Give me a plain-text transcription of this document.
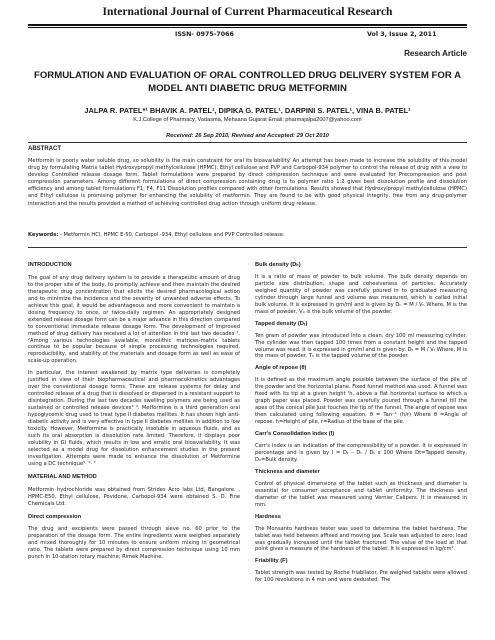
International Journal of Current Pharmaceutical Research
ISSN- 0975-7066	Vol 3, Issue 2, 2011
Research Article
FORMULATION AND EVALUATION OF ORAL CONTROLLED DRUG DELIVERY SYSTEM FOR A
MODEL ANTI DIABETIC DRUG METFORMIN
JALPA R. PATEL*¹ BHAVIK A. PATEL¹, DIPIKA G. PATEL¹, DARPINI S. PATEL¹, VINA B. PATEL¹
K.J.College of Pharmacy, Vadasma, Mehsana Gujarat Email: pharmajalpa2007@yahoo.com
Received: 26 Sep 2010, Revised and Accepted: 29 Oct 2010
ABSTRACT
Metformin is poorly water soluble drug, so solubility is the main constraint for oral its bioavailability. An attempt has been made to increase the solubility of this model drug by formulating Matrix tablet Hydroxypropyl methylcellulose (HPMC), Ethyl cellulose and PVP and Carbopol-934 polymer to control the release of drug with a view to develop Controlled release dosage form. Tablet formulations were prepared by direct compression technique and were evaluated for Precompression and post compression parameters. Among different formulations of direct compression containing drug is to polymer ratio 1:2 gives best dissolution profile and dissolution efficiency and among tablet formulations F1, F4, F11 Dissolution profiles compared with other formulations. Results showed that Hydroxylpropyl methylcellulose (HPMC) and Ethyl cellulose is promising polymer for enhancing the solubility of metformin. They are found to be with good physical integrity, free from any drug-polymer interaction and the results provided a method of achieving controlled drug action through uniform drug release.
Keywords: - Metformin HCl, HPMC E-50, Carbopol -934, Ethyl cellulose and PVP Controlled release.
INTRODUCTION

The goal of any drug delivery system is to provide a therapeutic amount of drug to the proper site of the body, to promptly achieve and then maintain the desired therapeutic drug concentration that elicits the desired pharmacological action and to minimize the incidence and the severity of unwanted adverse effects. To achieve this goal, it would be advantageous and more convenient to maintain a dosing frequency to once, or twice-daily regimen. An appropriately designed extended release dosage form can be a major advance in this direction compared to conventional immediate release dosage form. The development of improved method of drug delivery has received a lot of attention in the last two decades ¹. ²Among various technologies available, monolithic matrices-matrix tablets continue to be popular because of simple processing technologies required, reproducibility, and stability of the materials and dosage form as well as ease of scale-up operation.

In particular, the interest awakened by matrix type deliveries is completely justified in view of their biopharmaceutical and pharmacokinetics advantages over the conventional dosage forms. These are release systems for delay and controlled release of a drug that is dissolved or dispersed in a resistant support to disintegration. During the last two decades swelling polymers are being used as sustained or controlled release devices³ ⁴. Metformine is a third generation oral hypoglycemic drug used to treat type II diabetes mellites. It has shown high anti-diabetic activity and is very effective in type II diabetes mellites in addition to low toxicity. However, Metformine is practically insoluble in aqueous fluids, and as such its oral absorption is dissolution rate limited. Therefore, it displays poor solubility in GI fluids, which results in low and erratic oral bioavailability. It was selected as a model drug for dissolution enhancement studies in the present investigation. Attempts were made to enhance the dissolution of Metformine using a DC technique⁵· ⁶· ⁷

MATERIAL AND METHOD

Metformin hydrochloride was obtained from Strides Acro labs Ltd, Bangalore. , HPMC-E50, Ethyl cellulose, Povidone, Carbopol-934 were obtained S. D. Fine Chemicals Ltd.

Direct compression

The drug and excipients were passed through sieve no. 60 prior to the preparation of the dosage form. The entire ingredients were weighed separately and mixed thoroughly for 10 minutes to ensure uniform mixing in geometrical ratio. The tablets were prepared by direct compression technique using 10 mm punch in 10-station rotary machine; Rimek Machine.

Bulk density (Dₕ)

It is a ratio of mass of powder to bulk volume. The bulk density depends on particle size distribution, shape and cohesiveness of particles. Accurately weighed quantity of powder was carefully poured in to graduated measuring cylinder through large funnel and volume was measured, which is called initial bulk volume. It is expressed in gm/ml and is given by Dₕ = M / Vₕ Where, M is the mass of powder, V₀ is the bulk volume of the powder.

Tapped density (Dₜ)

Ten gram of powder was introduced into a clean, dry 100 ml measuring cylinder. The cylinder was then tapped 100 times from a constant height and the tapped volume was read. It is expressed in gm/ml and is given by: Dₜ = M / Vₜ Where, M is the mass of powder. Tₕ is the tapped volume of the powder.

Angle of repose (θ)

It is defined as the maximum angle possible between the surface of the pile of the powder and the horizontal plane. Fixed funnel method was used. A funnel was fixed with its tip at a given height 'h, above a flat horizontal surface to which a graph paper was placed. Powder was carefully poured through a funnel till the apex of the conical pile just touches the tip of the funnel. The angle of repose was then calculated using following equation, θ = Tan⁻¹ (h/r) Where θ =Angle of repose, h=Height of pile, r=Radius of the base of the pile.

Carr's Consolidation Index (I)

Carr's index is an indication of the compressibility of a powder. It is expressed in percentage and is given by I = Dₜ – Dₕ / Dₜ x 100 Where Dt=Tapped density, Dₕ=Bulk density.

Thickness and diameter

Control of physical dimensions of the tablet such as thickness and diameter is essential for consumer acceptance and tablet uniformity. The thickness and diameter of the tablet was measured using Vernier Calipers. It is measured in mm.

Hardness

The Monsanto hardness tester was used to determine the tablet hardness. The tablet was held between affixed and moving jaw. Scale was adjusted to zero; load was gradually increased until the tablet fractured. The value of the load at that point gives a measure of the hardness of the tablet. It is expressed in kg/cm².

Friability (F)

Tablet strength was tested by Roche friabilator. Pre weighed tablets were allowed for 100 revolutions in 4 min and were dedusted. The
